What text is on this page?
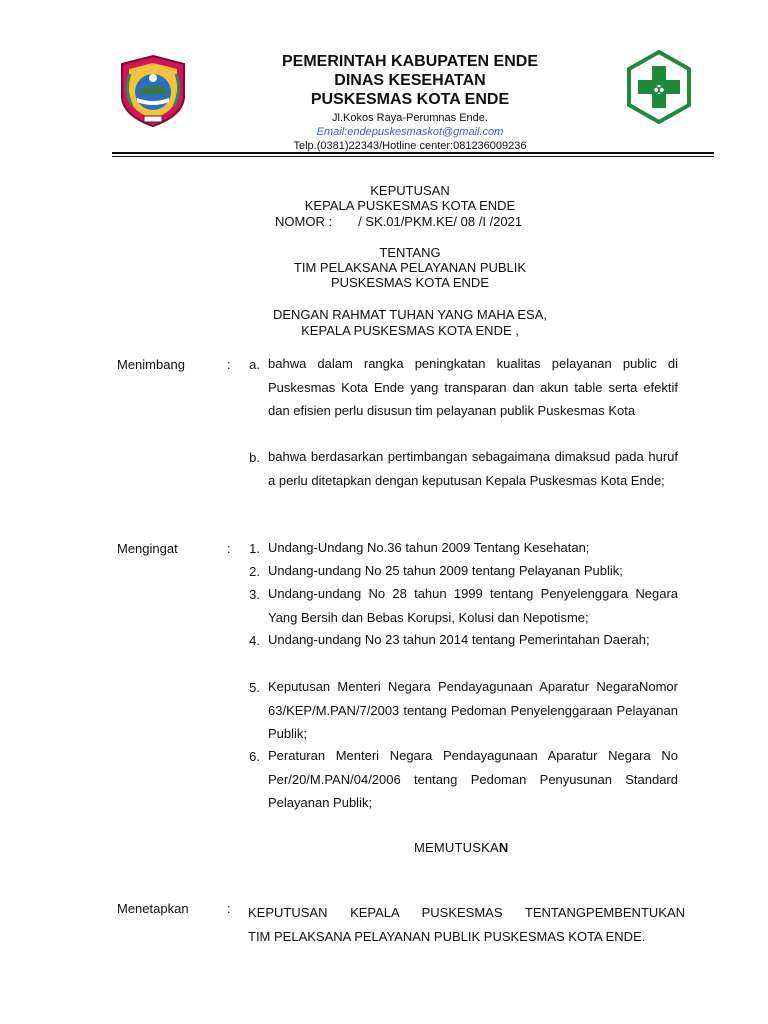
PEMERINTAH KABUPATEN ENDE
DINAS KESEHATAN
PUSKESMAS KOTA ENDE
Jl.Kokos Raya-Perumnas Ende.
Email:endepuskesmaskot@gmail.com
Telp.(0381)22343/Hotline center:081236009236
KEPUTUSAN
KEPALA PUSKESMAS KOTA ENDE
NOMOR : / SK.01/PKM.KE/ 08 /I /2021
TENTANG
TIM PELAKSANA PELAYANAN PUBLIK
PUSKESMAS KOTA ENDE
DENGAN RAHMAT TUHAN YANG MAHA ESA,
KEPALA PUSKESMAS KOTA ENDE ,
Menimbang	:	a. bahwa dalam rangka peningkatan kualitas pelayanan public di Puskesmas Kota Ende yang transparan dan akun table serta efektif dan efisien perlu disusun tim pelayanan publik Puskesmas Kota
b. bahwa berdasarkan pertimbangan sebagaimana dimaksud pada huruf a perlu ditetapkan dengan keputusan Kepala Puskesmas Kota Ende;
Mengingat	:	1. Undang-Undang No.36 tahun 2009 Tentang Kesehatan;
2. Undang-undang No 25 tahun 2009 tentang Pelayanan Publik;
3. Undang-undang No 28 tahun 1999 tentang Penyelenggara Negara Yang Bersih dan Bebas Korupsi, Kolusi dan Nepotisme;
4. Undang-undang No 23 tahun 2014 tentang Pemerintahan Daerah;
5. Keputusan Menteri Negara Pendayagunaan Aparatur NegaraNomor 63/KEP/M.PAN/7/2003 tentang Pedoman Penyelenggaraan Pelayanan Publik;
6. Peraturan Menteri Negara Pendayagunaan Aparatur Negara No Per/20/M.PAN/04/2006 tentang Pedoman Penyusunan Standard Pelayanan Publik;
MEMUTUSKAN
Menetapkan	: KEPUTUSAN KEPALA PUSKESMAS TENTANGPEMBENTUKAN
TIM PELAKSANA PELAYANAN PUBLIK PUSKESMAS KOTA ENDE.
